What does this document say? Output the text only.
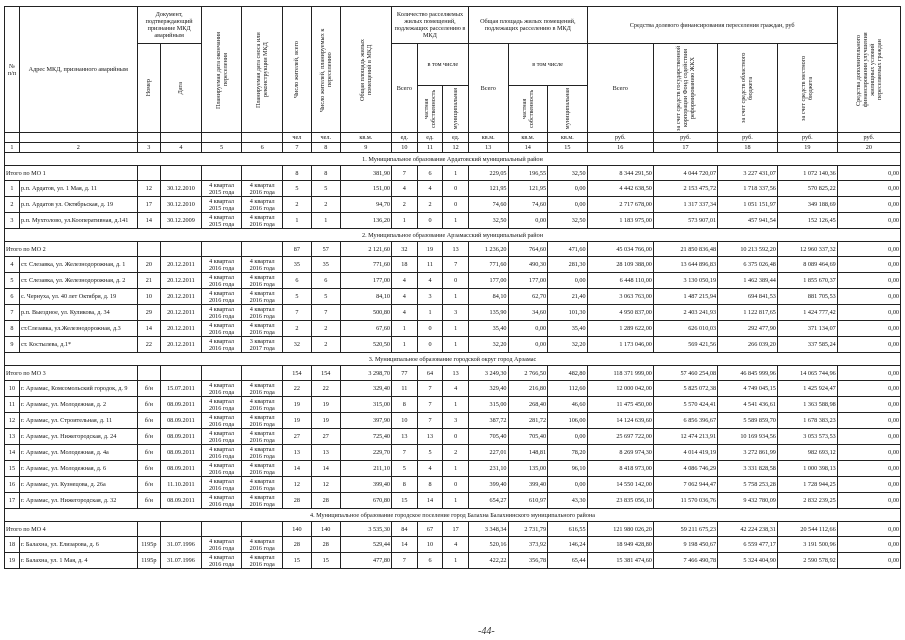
№ п/п	Адрес МКД, признанного аварийным	Документ, подтверждающий признание МКД аварийным		Планируемая дата окончания переселения	Планируемая дата сноса или реконструкции МКД	Число жителей, всего	Число жителей, планируемых к переселению	Общая площадь жилых помещений в МКД	Количество расселяемых жилых помещений, подлежащих расселению в МКД			Общая площадь жилых помещений, подлежащих расселению в МКД			Средства долевого финансирования переселения граждан, руб				Средства дополнительного финансирования улучшения жилищных условий переселяемых граждан

		Номер	Дата						Всего	в том числе		Всего	в том числе		Всего	за счет средств государственной корпорации Фонд содействия реформированию ЖКХ	за счет средств областного бюджета	за счет средств местного бюджета	

										частная собственность	муниципальная		частная собственность	муниципальная					

						чел	чел.	кв.м.	ед.	ед.	ед.	кв.м.	кв.м.	кв.м.	руб.	руб.	руб.	руб.	руб.
1	2	3	4	5	6	7	8	9	10	11	12	13	14	15	16	17	18	19	20
1. Муниципальное образование Ардатовский муниципальный район																			
Итого по МО 1						8	8	381,90	7	6	1	229,05	196,55	32,50	8 344 291,50	4 044 720,07	3 227 431,07	1 072 140,36	0,00
1	р.п. Ардатов, ул. 1 Мая, д. 11	12	30.12.2010	4 квартал 2015 года	4 квартал 2016 года	5	5	151,00	4	4	0	121,95	121,95	0,00	4 442 638,50	2 153 475,72	1 718 337,56	570 825,22	0,00
2	р.п. Ардатов ул. Октябрьская, д. 19	17	30.12.2010	4 квартал 2015 года	4 квартал 2016 года	2	2	94,70	2	2	0	74,60	74,60	0,00	2 717 678,00	1 317 337,34	1 051 151,97	349 188,69	0,00
3	р.п. Мухтолово, ул.Кооперативная, д.141	14	30.12.2009	4 квартал 2015 года	4 квартал 2016 года	1	1	136,20	1	0	1	32,50	0,00	32,50	1 183 975,00	573 907,01	457 941,54	152 126,45	0,00
2. Муниципальное образование Арзамасский муниципальный район																			
Итого по МО 2						87	57	2 121,60	32	19	13	1 236,20	764,60	471,60	45 034 766,00	21 850 836,48	10 213 592,20	12 960 337,32	0,00
4	ст. Слезавка, ул. Железнодорожная, д. 1	20	20.12.2011	4 квартал 2016 года	4 квартал 2016 года	35	35	771,60	18	11	7	771,60	490,30	281,30	28 109 388,00	13 644 896,83	6 375 026,48	8 089 464,69	0,00
5	ст. Слезавка, ул. Железнодорожная, д. 2	21	20.12.2011	4 квартал 2016 года	4 квартал 2016 года	6	6	177,00	4	4	0	177,00	177,00	0,00	6 448 110,00	3 130 050,19	1 462 389,44	1 855 670,37	0,00
6	с. Чернуха, ул. 40 лет Октября, д. 19	10	20.12.2011	4 квартал 2016 года	4 квартал 2016 года	5	5	84,10	4	3	1	84,10	62,70	21,40	3 063 763,00	1 487 215,94	694 841,53	881 705,53	0,00
7	р.п. Выездное, ул. Куликова, д. 34	29	20.12.2011	4 квартал 2016 года	4 квартал 2016 года	7	7	500,80	4	1	3	135,90	34,60	101,30	4 950 837,00	2 403 241,93	1 122 817,65	1 424 777,42	0,00
8	ст.Слезавка, ул.Железнодорожная, д.3	14	20.12.2011	4 квартал 2016 года	4 квартал 2016 года	2	2	67,60	1	0	1	35,40	0,00	35,40	1 289 622,00	626 010,03	292 477,90	371 134,07	0,00
9	ст. Костылева, д.1*	22	20.12.2011	4 квартал 2016 года	3 квартал 2017 года	32	2	520,50	1	0	1	32,20	0,00	32,20	1 173 046,00	569 421,56	266 039,20	337 585,24	0,00
3. Муниципальное образование городской округ город Арзамас																			
Итого по МО 3						154	154	3 298,70	77	64	13	3 249,30	2 766,50	482,80	118 371 999,00	57 460 254,08	46 845 999,96	14 065 744,96	0,00
10	г. Арзамас, Комсомольский городок, д. 9	б/н	15.07.2011	4 квартал 2016 года	4 квартал 2016 года	22	22	329,40	11	7	4	329,40	216,80	112,60	12 000 042,00	5 825 072,38	4 749 045,15	1 425 924,47	0,00
11	г. Арзамас, ул. Молодежная, д. 2	б/н	08.09.2011	4 квартал 2016 года	4 квартал 2016 года	19	19	315,00	8	7	1	315,00	268,40	46,60	11 475 450,00	5 570 424,41	4 541 436,61	1 363 588,98	0,00
12	г. Арзамас, ул. Строительная, д. 11	б/н	08.09.2011	4 квартал 2016 года	4 квартал 2016 года	19	19	397,90	10	7	3	387,72	281,72	106,00	14 124 639,60	6 856 396,67	5 589 859,70	1 678 383,23	0,00
13	г. Арзамас, ул. Нижегородская, д. 24	б/н	08.09.2011	4 квартал 2016 года	4 квартал 2016 года	27	27	725,40	13	13	0	705,40	705,40	0,00	25 697 722,00	12 474 213,91	10 169 934,56	3 053 573,53	0,00
14	г. Арзамас, ул. Молодежная, д. 4а	б/н	08.09.2011	4 квартал 2016 года	4 квартал 2016 года	13	13	229,70	7	5	2	227,01	148,81	78,20	8 269 974,30	4 014 419,19	3 272 861,99	982 693,12	0,00
15	г. Арзамас, ул. Молодежная, д. 6	б/н	08.09.2011	4 квартал 2016 года	4 квартал 2016 года	14	14	211,10	5	4	1	231,10	135,00	96,10	8 418 973,00	4 086 746,29	3 331 828,58	1 000 398,13	0,00
16	г. Арзамас, ул. Кузнецова, д. 26а	б/н	11.10.2011	4 квартал 2016 года	4 квартал 2016 года	12	12	399,40	8	8	0	399,40	399,40	0,00	14 550 142,00	7 062 944,47	5 758 253,28	1 728 944,25	0,00
17	г. Арзамас, ул. Нижегородская, д. 32	б/н	08.09.2011	4 квартал 2016 года	4 квартал 2016 года	28	28	670,80	15	14	1	654,27	610,97	43,30	23 835 056,10	11 570 036,76	9 432 780,09	2 832 239,25	0,00
4. Муниципальное образование городское поселение город Балахна Балахнинского муниципального района																			
Итого по МО 4						140	140	3 535,30	84	67	17	3 348,34	2 731,79	616,55	121 980 026,20	59 211 675,23	42 224 238,31	20 544 112,66	0,00
18	г. Балахна, ул. Елизарова, д. 6	1195р	31.07.1996	4 квартал 2016 года	4 квартал 2016 года	28	28	529,44	14	10	4	520,16	373,92	146,24	18 949 428,80	9 198 450,67	6 559 477,17	3 191 500,96	0,00
19	г. Балахна, ул. 1 Мая, д. 4	1195р	31.07.1996	4 квартал 2016 года	4 квартал 2016 года	15	15	477,80	7	6	1	422,22	356,78	65,44	15 381 474,60	7 466 490,78	5 324 404,90	2 590 578,92	0,00
-44-
